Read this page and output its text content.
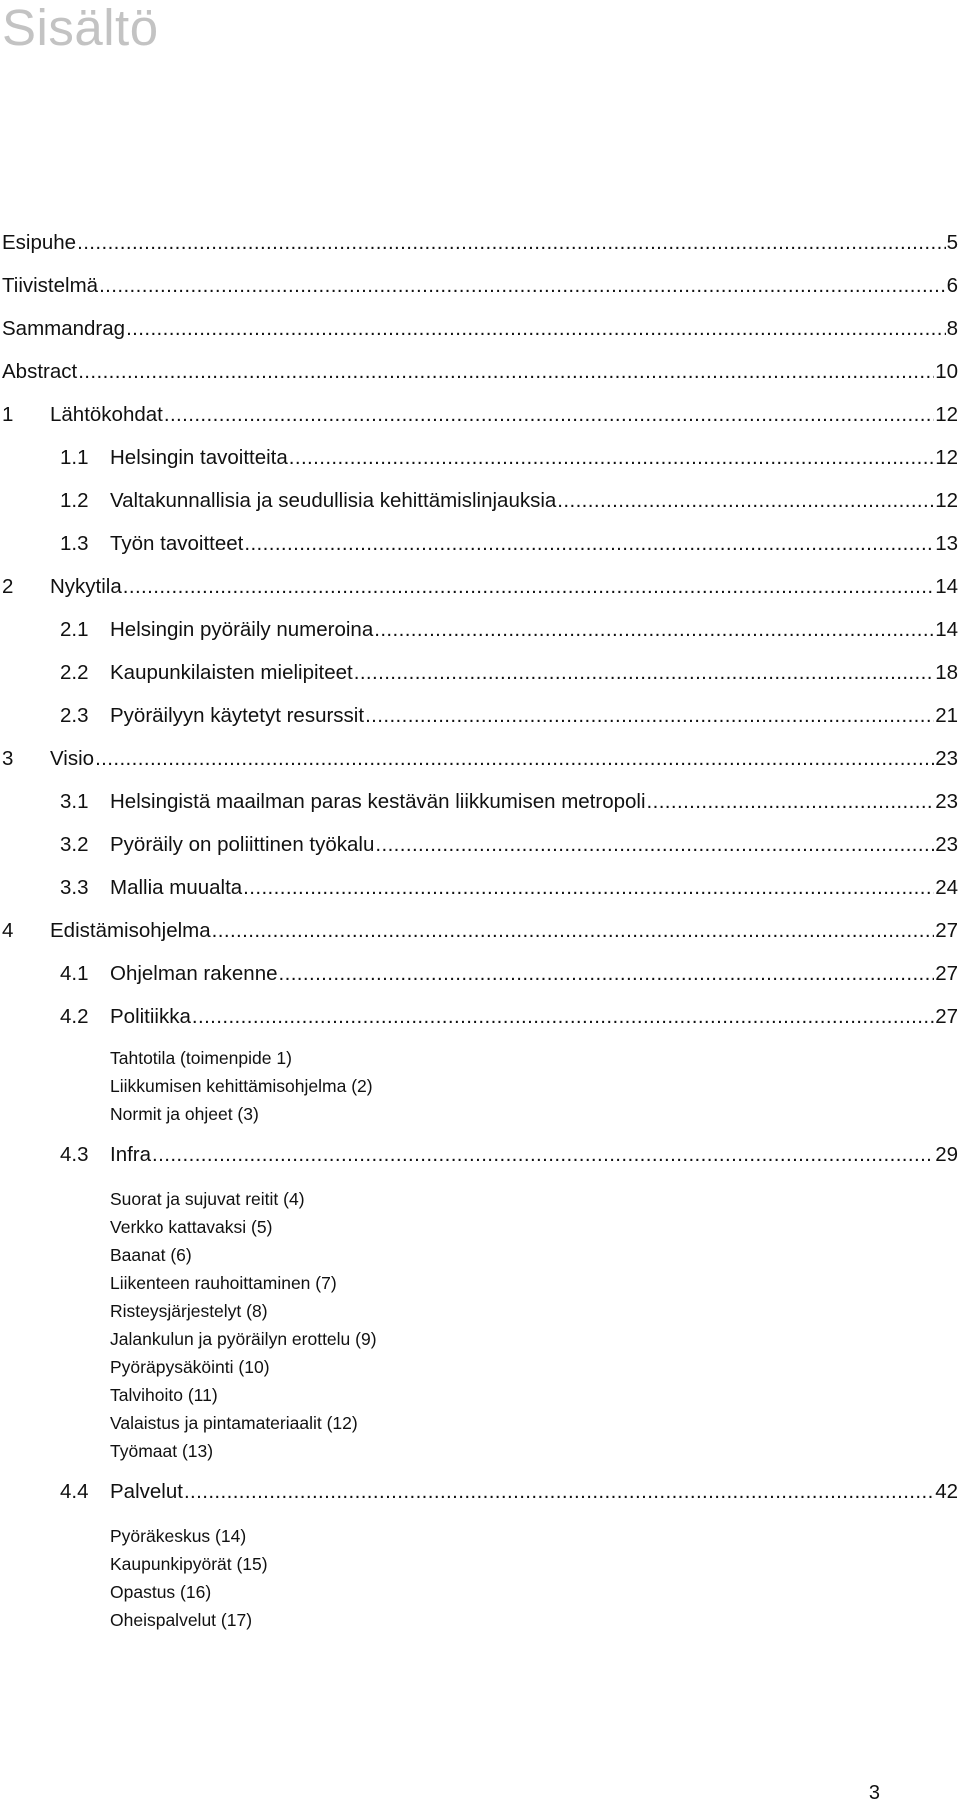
Sisältö
Esipuhe .....	5
Tiivistelmä .....	6
Sammandrag .....	8
Abstract .....	10
1 Lähtökohdat .....	12
1.1 Helsingin tavoitteita .....	12
1.2 Valtakunnallisia ja seudullisia kehittämislinjauksia .....	12
1.3 Työn tavoitteet .....	13
2 Nykytila .....	14
2.1 Helsingin pyöräily numeroina .....	14
2.2 Kaupunkilaisten mielipiteet .....	18
2.3 Pyöräilyyn käytetyt resurssit .....	21
3 Visio .....	23
3.1 Helsingistä maailman paras kestävän liikkumisen metropoli .....	23
3.2 Pyöräily on poliittinen työkalu .....	23
3.3 Mallia muualta .....	24
4 Edistämisohjelma .....	27
4.1 Ohjelman rakenne .....	27
4.2 Politiikka .....	27
Tahtotila (toimenpide 1)
Liikkumisen kehittämisohjelma (2)
Normit ja ohjeet (3)
4.3 Infra .....	29
Suorat ja sujuvat reitit (4)
Verkko kattavaksi (5)
Baanat (6)
Liikenteen rauhoittaminen (7)
Risteysjärjestelyt (8)
Jalankulun ja pyöräilyn erottelu (9)
Pyöräpysäköinti (10)
Talvihoito (11)
Valaistus ja pintamateriaalit (12)
Työmaat (13)
4.4 Palvelut .....	42
Pyöräkeskus (14)
Kaupunkipyörät (15)
Opastus (16)
Oheispalvelut (17)
3
